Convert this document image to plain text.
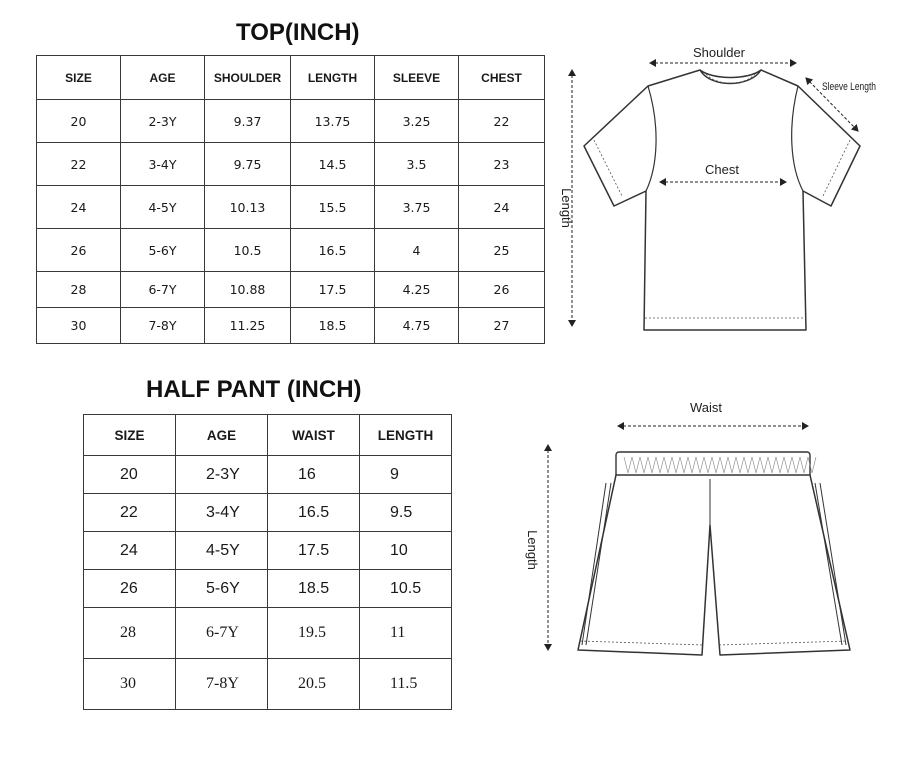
TOP(INCH)
SIZE	AGE	SHOULDER	LENGTH	SLEEVE	CHEST
20	2-3Y	9.37	13.75	3.25	22
22	3-4Y	9.75	14.5	3.5	23
24	4-5Y	10.13	15.5	3.75	24
26	5-6Y	10.5	16.5	4	25
28	6-7Y	10.88	17.5	4.25	26
30	7-8Y	11.25	18.5	4.75	27
Shoulder
Sleeve Length
Chest
Length
HALF PANT (INCH)
SIZE	AGE	WAIST	LENGTH
20	2-3Y	16	9
22	3-4Y	16.5	9.5
24	4-5Y	17.5	10
26	5-6Y	18.5	10.5
28	6-7Y	19.5	11
30	7-8Y	20.5	11.5
Waist
Length
